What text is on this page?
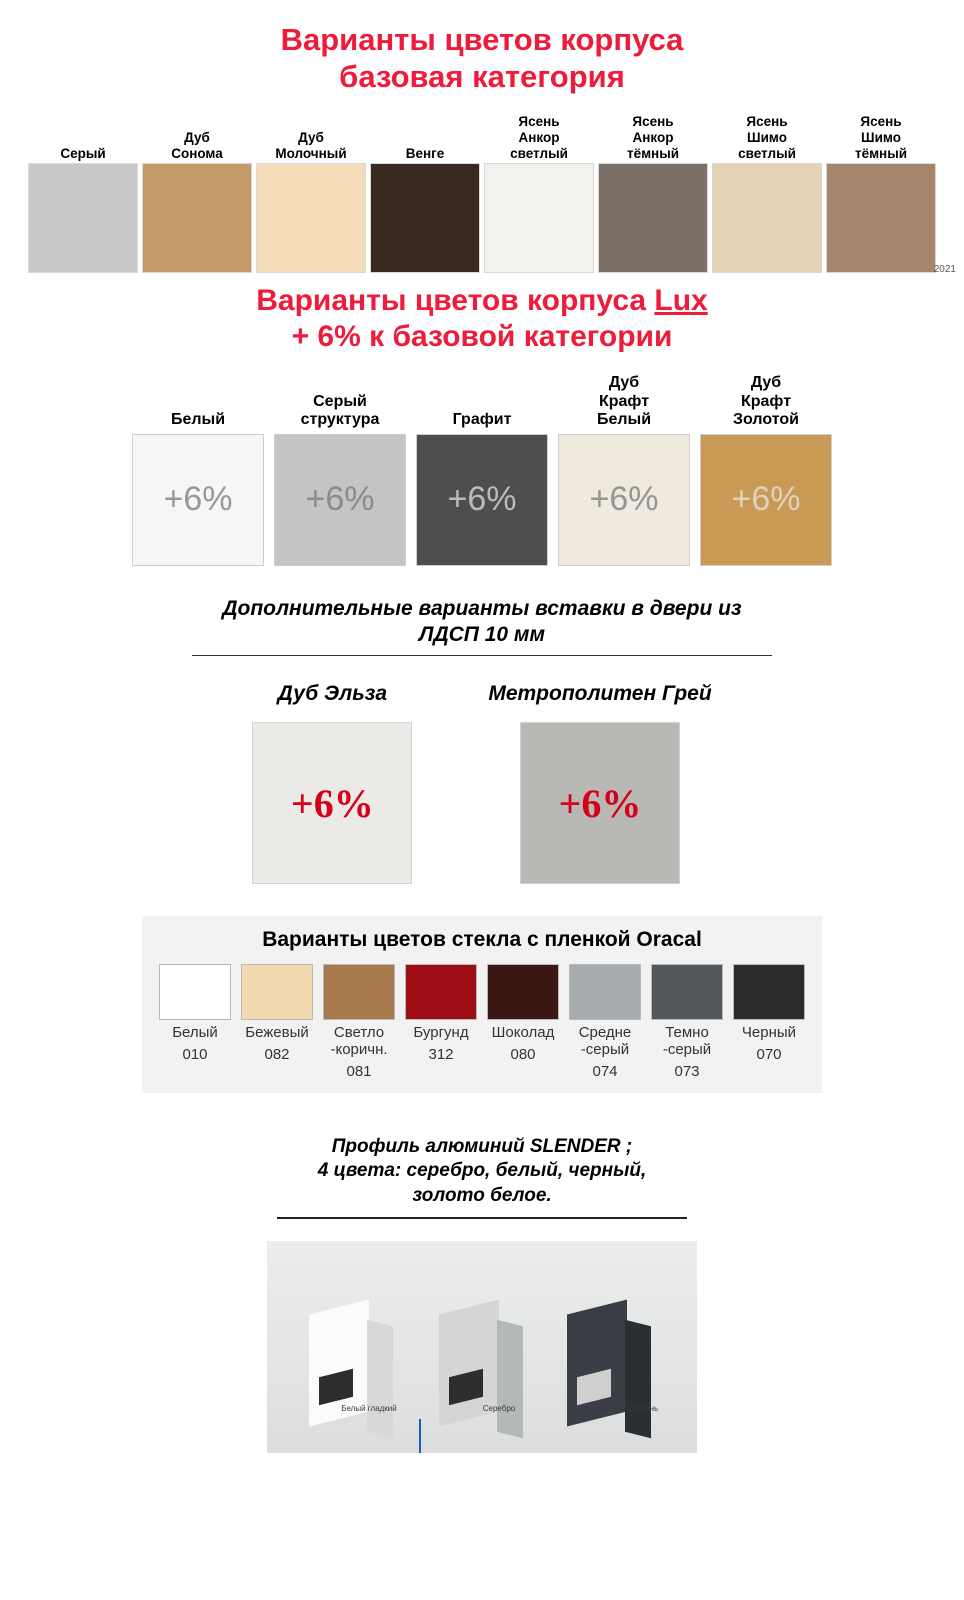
Варианты цветов корпуса
базовая категория
Серый
Дуб
Сонома
Дуб
Молочный	Венге
Ясень
Анкор
светлый
Ясень
Анкор
тёмный
Ясень
Шимо
светлый
Ясень
Шимо
тёмный
2021
Варианты цветов корпуса Lux
+ 6% к базовой категории
Белый
+6%
Серый
структура
+6%
Графит
+6%
Дуб
Крафт
Белый
+6%
Дуб
Крафт
Золотой
+6%
Дополнительные варианты вставки в двери из
ЛДСП 10 мм
Дуб Эльза
+6%
Метрополитен Грей
+6%
Варианты цветов стекла с пленкой Oracal
Белый
010
Бежевый
082
Светло
-коричн.
081
Бургунд
312
Шоколад
080
Средне
-серый
074
Темно
-серый
073
Черный
070
Профиль алюминий SLENDER ;
4 цвета: серебро, белый, черный,
золото белое.
Белый гладкий	Серебро	Чёрный шагрень
